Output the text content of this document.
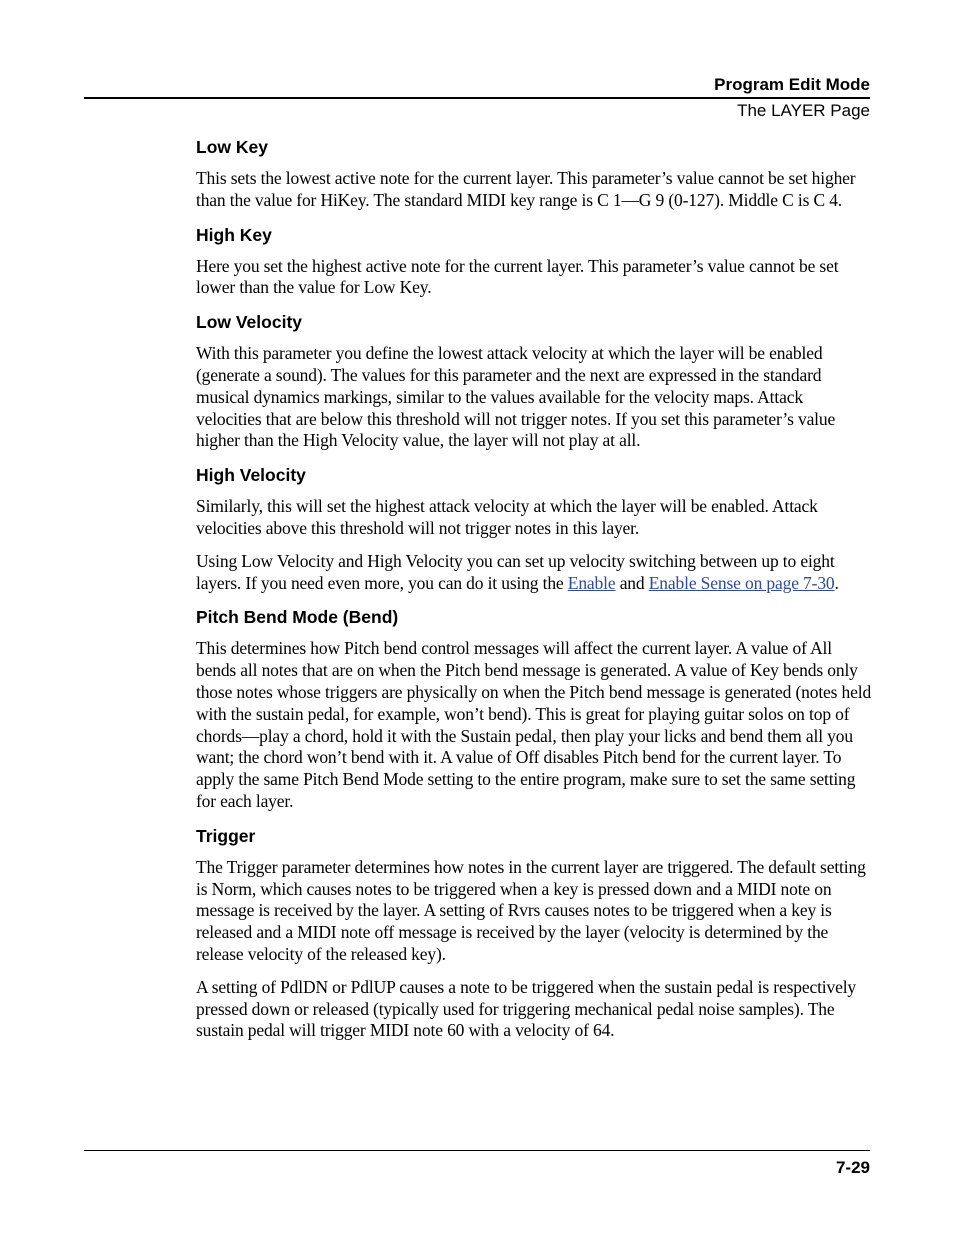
Program Edit Mode
The LAYER Page
Low Key

This sets the lowest active note for the current layer. This parameter’s value cannot be set higher than the value for HiKey. The standard MIDI key range is C 1—G 9 (0-127). Middle C is C 4.

High Key

Here you set the highest active note for the current layer. This parameter’s value cannot be set lower than the value for Low Key.

Low Velocity

With this parameter you define the lowest attack velocity at which the layer will be enabled (generate a sound). The values for this parameter and the next are expressed in the standard musical dynamics markings, similar to the values available for the velocity maps. Attack velocities that are below this threshold will not trigger notes. If you set this parameter’s value higher than the High Velocity value, the layer will not play at all.

High Velocity

Similarly, this will set the highest attack velocity at which the layer will be enabled. Attack velocities above this threshold will not trigger notes in this layer.

Using Low Velocity and High Velocity you can set up velocity switching between up to eight layers. If you need even more, you can do it using the Enable and Enable Sense on page 7-30.

Pitch Bend Mode (Bend)

This determines how Pitch bend control messages will affect the current layer. A value of All bends all notes that are on when the Pitch bend message is generated. A value of Key bends only those notes whose triggers are physically on when the Pitch bend message is generated (notes held with the sustain pedal, for example, won’t bend). This is great for playing guitar solos on top of chords—play a chord, hold it with the Sustain pedal, then play your licks and bend them all you want; the chord won’t bend with it. A value of Off disables Pitch bend for the current layer. To apply the same Pitch Bend Mode setting to the entire program, make sure to set the same setting for each layer.

Trigger

The Trigger parameter determines how notes in the current layer are triggered. The default setting is Norm, which causes notes to be triggered when a key is pressed down and a MIDI note on message is received by the layer. A setting of Rvrs causes notes to be triggered when a key is released and a MIDI note off message is received by the layer (velocity is determined by the release velocity of the released key).

A setting of PdlDN or PdlUP causes a note to be triggered when the sustain pedal is respectively pressed down or released (typically used for triggering mechanical pedal noise samples). The sustain pedal will trigger MIDI note 60 with a velocity of 64.

7-29
